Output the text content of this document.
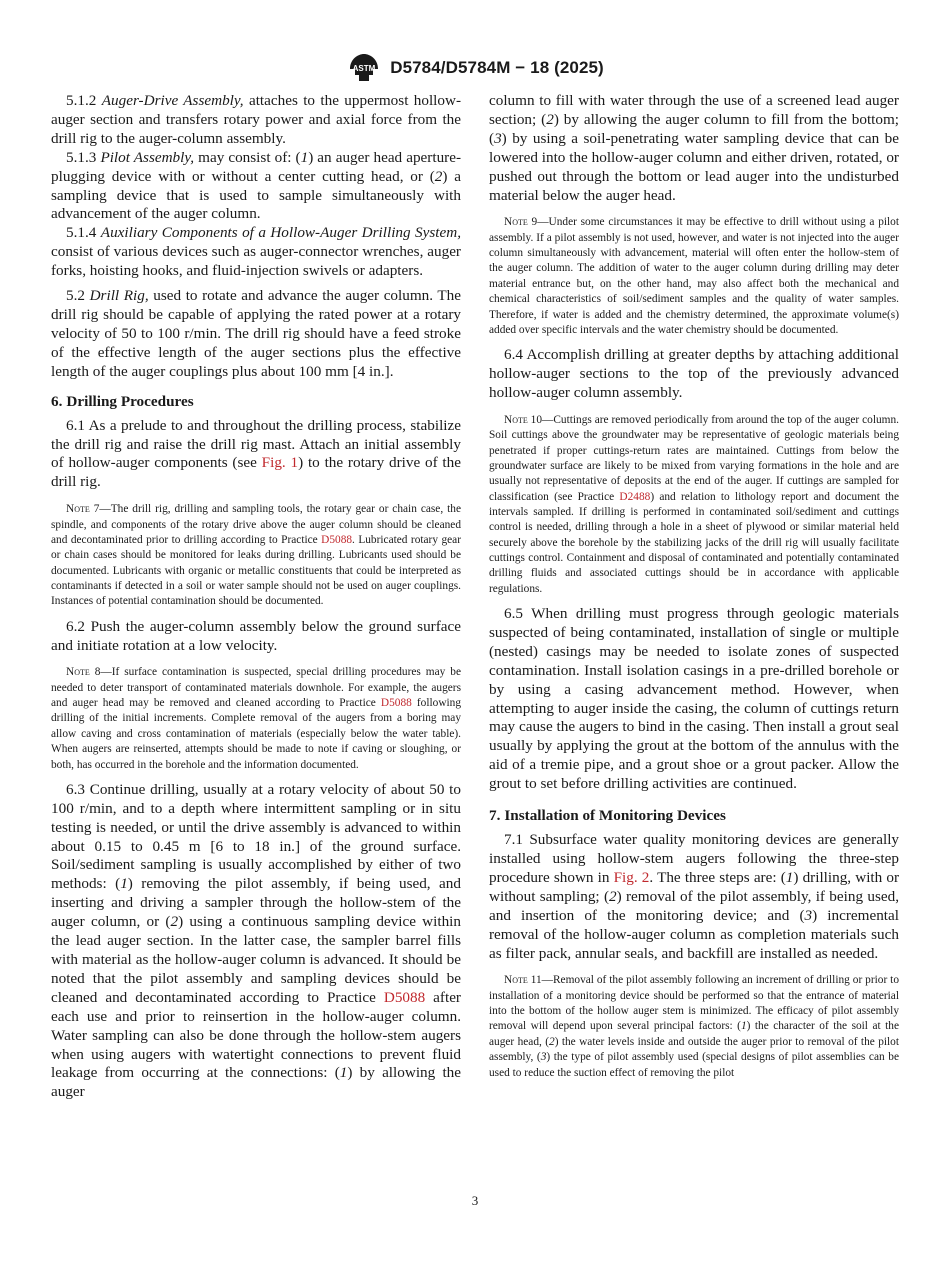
ASTM D5784/D5784M − 18 (2025)

5.1.2 Auger-Drive Assembly, attaches to the uppermost hollow-auger section and transfers rotary power and axial force from the drill rig to the auger-column assembly.

5.1.3 Pilot Assembly, may consist of: (1) an auger head aperture-plugging device with or without a center cutting head, or (2) a sampling device that is used to sample simultaneously with advancement of the auger column.

5.1.4 Auxiliary Components of a Hollow-Auger Drilling System, consist of various devices such as auger-connector wrenches, auger forks, hoisting hooks, and fluid-injection swivels or adapters.

5.2 Drill Rig, used to rotate and advance the auger column. The drill rig should be capable of applying the rated power at a rotary velocity of 50 to 100 r/min. The drill rig should have a feed stroke of the effective length of the auger sections plus the effective length of the auger couplings plus about 100 mm [4 in.].

6. Drilling Procedures

6.1 As a prelude to and throughout the drilling process, stabilize the drill rig and raise the drill rig mast. Attach an initial assembly of hollow-auger components (see Fig. 1) to the rotary drive of the drill rig.

Note 7—The drill rig, drilling and sampling tools, the rotary gear or chain case, the spindle, and components of the rotary drive above the auger column should be cleaned and decontaminated prior to drilling according to Practice D5088. Lubricated rotary gear or chain cases should be monitored for leaks during drilling. Lubricants used should be documented. Lubricants with organic or metallic constituents that could be interpreted as contaminants if detected in a soil or water sample should not be used on auger couplings. Instances of potential contamination should be documented.

6.2 Push the auger-column assembly below the ground surface and initiate rotation at a low velocity.

Note 8—If surface contamination is suspected, special drilling procedures may be needed to deter transport of contaminated materials downhole. For example, the augers and auger head may be removed and cleaned according to Practice D5088 following drilling of the initial increments. Complete removal of the augers from a boring may allow caving and cross contamination of materials (especially below the water table). When augers are reinserted, attempts should be made to note if caving or sloughing, or both, has occurred in the borehole and the information documented.

6.3 Continue drilling, usually at a rotary velocity of about 50 to 100 r/min, and to a depth where intermittent sampling or in situ testing is needed, or until the drive assembly is advanced to within about 0.15 to 0.45 m [6 to 18 in.] of the ground surface. Soil/sediment sampling is usually accomplished by either of two methods: (1) removing the pilot assembly, if being used, and inserting and driving a sampler through the hollow-stem of the auger column, or (2) using a continuous sampling device within the lead auger section. In the latter case, the sampler barrel fills with material as the hollow-auger column is advanced. It should be noted that the pilot assembly and sampling devices should be cleaned and decontaminated according to Practice D5088 after each use and prior to reinsertion in the hollow-auger column. Water sampling can also be done through the hollow-stem augers when using augers with watertight connections to prevent fluid leakage from occurring at the connections: (1) by allowing the auger

column to fill with water through the use of a screened lead auger section; (2) by allowing the auger column to fill from the bottom; (3) by using a soil-penetrating water sampling device that can be lowered into the hollow-auger column and either driven, rotated, or pushed out through the bottom or lead auger into the undisturbed material below the auger head.

Note 9—Under some circumstances it may be effective to drill without using a pilot assembly. If a pilot assembly is not used, however, and water is not injected into the auger column simultaneously with advancement, material will often enter the hollow-stem of the auger column. The addition of water to the auger column during drilling may deter material entrance but, on the other hand, may also affect both the mechanical and chemical characteristics of soil/sediment samples and the quality of water samples. Therefore, if water is added and the chemistry determined, the approximate volume(s) added over specific intervals and the water chemistry should be documented.

6.4 Accomplish drilling at greater depths by attaching additional hollow-auger sections to the top of the previously advanced hollow-auger column assembly.

Note 10—Cuttings are removed periodically from around the top of the auger column. Soil cuttings above the groundwater may be representative of geologic materials being penetrated if proper cuttings-return rates are maintained. Cuttings from below the groundwater surface are likely to be mixed from varying formations in the hole and are usually not representative of deposits at the end of the auger. If cuttings are sampled for classification (see Practice D2488) and relation to lithology report and document the intervals sampled. If drilling is performed in contaminated soil/sediment and cuttings control is needed, drilling through a hole in a sheet of plywood or similar material held securely above the borehole by the stabilizing jacks of the drill rig will usually facilitate cuttings control. Containment and disposal of contaminated and potentially contaminated drilling fluids and associated cuttings should be in accordance with applicable regulations.

6.5 When drilling must progress through geologic materials suspected of being contaminated, installation of single or multiple (nested) casings may be needed to isolate zones of suspected contamination. Install isolation casings in a pre-drilled borehole or by using a casing advancement method. However, when attempting to auger inside the casing, the column of cuttings return may cause the augers to bind in the casing. Then install a grout seal usually by applying the grout at the bottom of the annulus with the aid of a tremie pipe, and a grout shoe or a grout packer. Allow the grout to set before drilling activities are continued.

7. Installation of Monitoring Devices

7.1 Subsurface water quality monitoring devices are generally installed using hollow-stem augers following the three-step procedure shown in Fig. 2. The three steps are: (1) drilling, with or without sampling; (2) removal of the pilot assembly, if being used, and insertion of the monitoring device; and (3) incremental removal of the hollow-auger column as completion materials such as filter pack, annular seals, and backfill are installed as needed.

Note 11—Removal of the pilot assembly following an increment of drilling or prior to installation of a monitoring device should be performed so that the entrance of material into the bottom of the hollow auger stem is minimized. The efficacy of pilot assembly removal will depend upon several principal factors: (1) the character of the soil at the auger head, (2) the water levels inside and outside the auger prior to removal of the pilot assembly, (3) the type of pilot assembly used (special designs of pilot assemblies can be used to reduce the suction effect of removing the pilot

3
